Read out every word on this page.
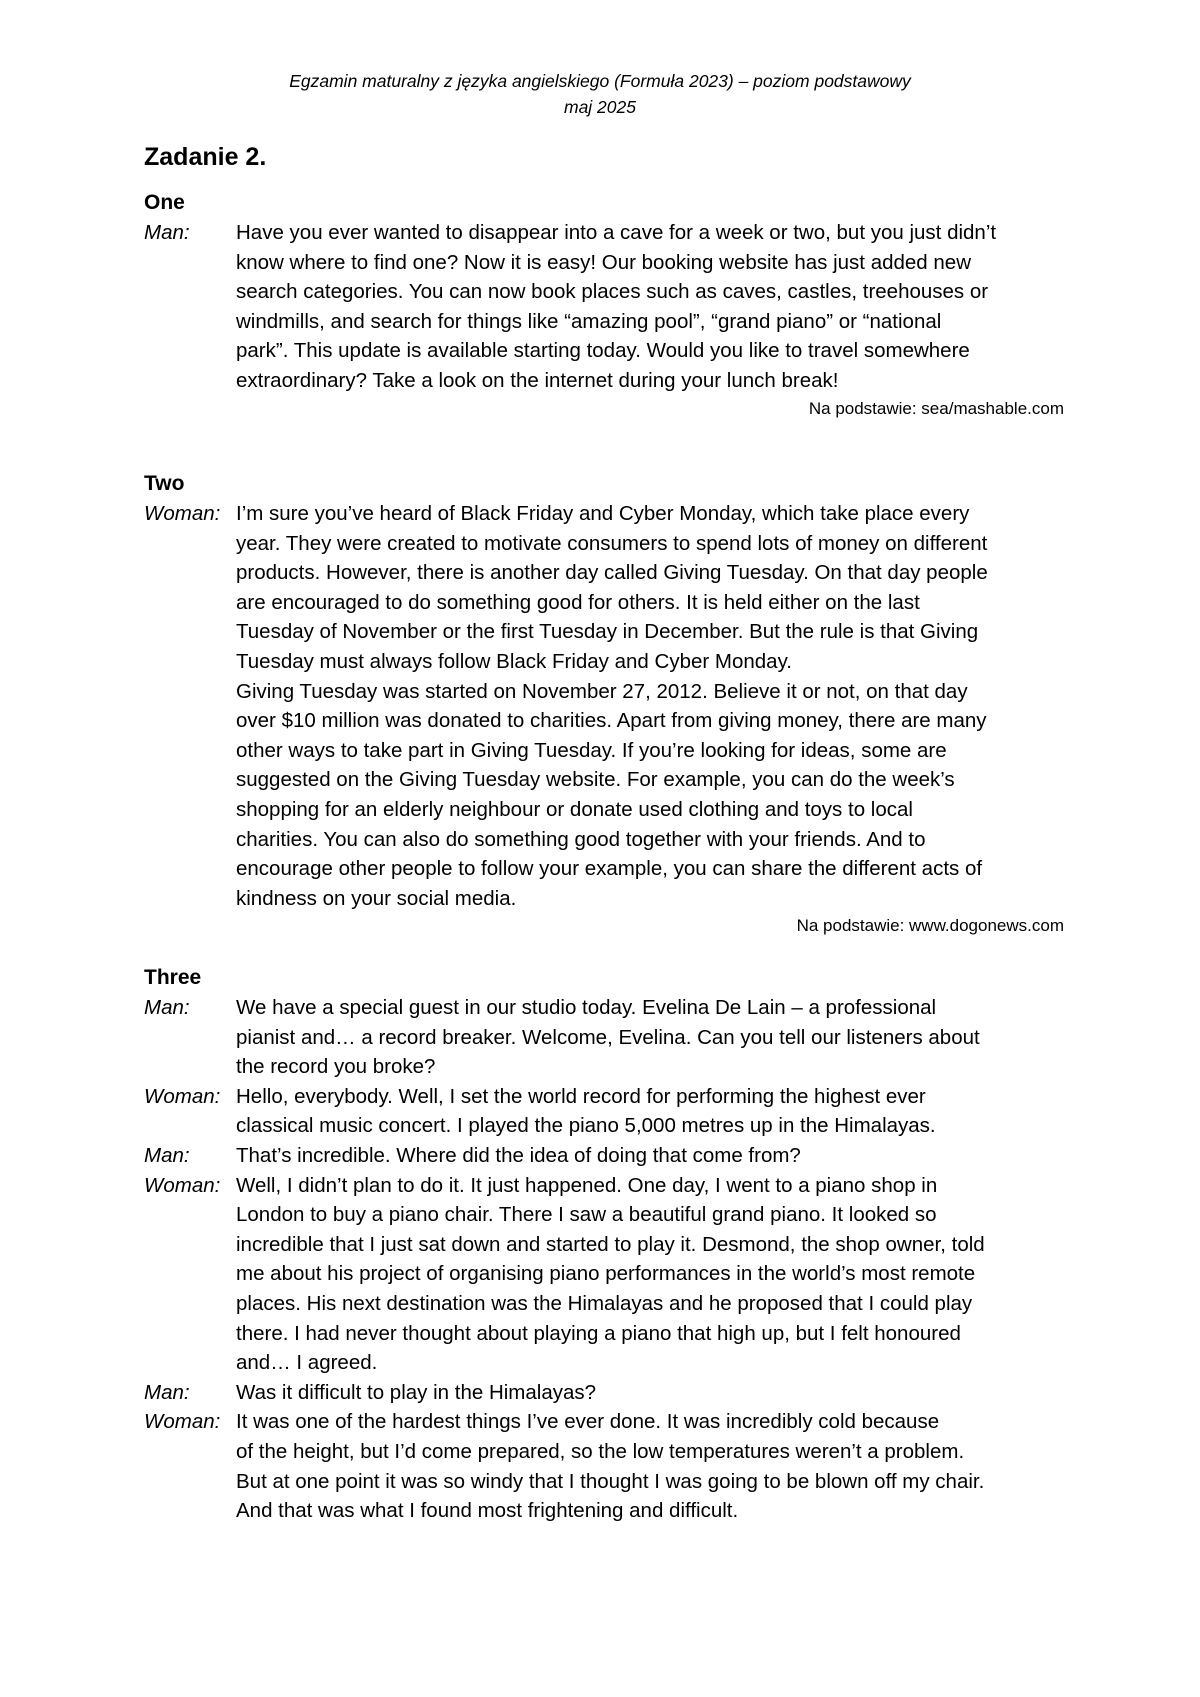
Egzamin maturalny z języka angielskiego (Formuła 2023) – poziom podstawowy
maj 2025
Zadanie 2.
One
Man:	Have you ever wanted to disappear into a cave for a week or two, but you just didn’t
know where to find one? Now it is easy! Our booking website has just added new
search categories. You can now book places such as caves, castles, treehouses or
windmills, and search for things like “amazing pool”, “grand piano” or “national
park”. This update is available starting today. Would you like to travel somewhere
extraordinary? Take a look on the internet during your lunch break!
Na podstawie: sea/mashable.com
Two
Woman: I’m sure you’ve heard of Black Friday and Cyber Monday, which take place every
year. They were created to motivate consumers to spend lots of money on different
products. However, there is another day called Giving Tuesday. On that day people
are encouraged to do something good for others. It is held either on the last
Tuesday of November or the first Tuesday in December. But the rule is that Giving
Tuesday must always follow Black Friday and Cyber Monday.
Giving Tuesday was started on November 27, 2012. Believe it or not, on that day
over $10 million was donated to charities. Apart from giving money, there are many
other ways to take part in Giving Tuesday. If you’re looking for ideas, some are
suggested on the Giving Tuesday website. For example, you can do the week’s
shopping for an elderly neighbour or donate used clothing and toys to local
charities. You can also do something good together with your friends. And to
encourage other people to follow your example, you can share the different acts of
kindness on your social media.
Na podstawie: www.dogonews.com
Three
Man:	We have a special guest in our studio today. Evelina De Lain – a professional
pianist and… a record breaker. Welcome, Evelina. Can you tell our listeners about
the record you broke?
Woman: Hello, everybody. Well, I set the world record for performing the highest ever
classical music concert. I played the piano 5,000 metres up in the Himalayas.
Man:	That’s incredible. Where did the idea of doing that come from?
Woman: Well, I didn’t plan to do it. It just happened. One day, I went to a piano shop in
London to buy a piano chair. There I saw a beautiful grand piano. It looked so
incredible that I just sat down and started to play it. Desmond, the shop owner, told
me about his project of organising piano performances in the world’s most remote
places. His next destination was the Himalayas and he proposed that I could play
there. I had never thought about playing a piano that high up, but I felt honoured
and… I agreed.
Man:	Was it difficult to play in the Himalayas?
Woman: It was one of the hardest things I’ve ever done. It was incredibly cold because
of the height, but I’d come prepared, so the low temperatures weren’t a problem.
But at one point it was so windy that I thought I was going to be blown off my chair.
And that was what I found most frightening and difficult.
